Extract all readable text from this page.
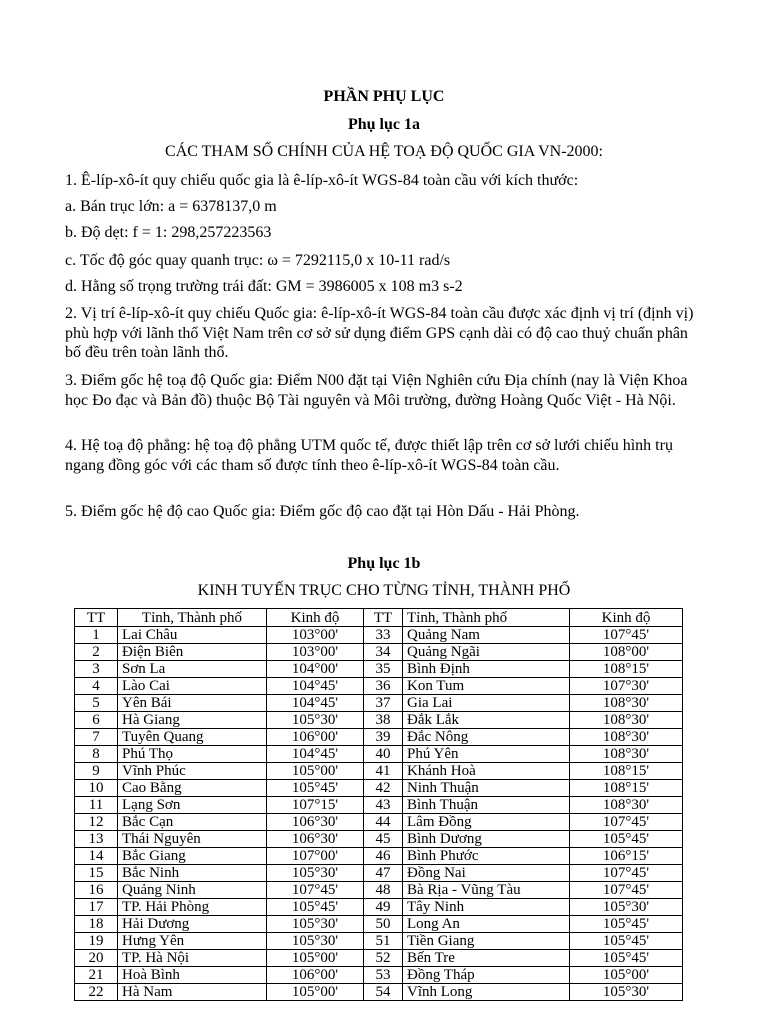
PHẦN PHỤ LỤC
Phụ lục 1a
CÁC THAM SỐ CHÍNH CỦA HỆ TOẠ ĐỘ QUỐC GIA VN-2000:

1. Ê-líp-xô-ít quy chiếu quốc gia là ê-líp-xô-ít WGS-84 toàn cầu với kích thước:

a. Bán trục lớn: a = 6378137,0 m

b. Độ dẹt: f = 1: 298,257223563

c. Tốc độ góc quay quanh trục: ω = 7292115,0 x 10-11 rad/s

d. Hằng số trọng trường trái đất: GM = 3986005 x 108 m3 s-2

2. Vị trí ê-líp-xô-ít quy chiếu Quốc gia: ê-líp-xô-ít WGS-84 toàn cầu được xác định vị trí (định vị) phù hợp với lãnh thổ Việt Nam trên cơ sở sử dụng điểm GPS cạnh dài có độ cao thuỷ chuẩn phân bố đều trên toàn lãnh thổ.

3. Điểm gốc hệ toạ độ Quốc gia: Điểm N00 đặt tại Viện Nghiên cứu Địa chính (nay là Viện Khoa học Đo đạc và Bản đồ) thuộc Bộ Tài nguyên và Môi trường, đường Hoàng Quốc Việt - Hà Nội.

4. Hệ toạ độ phẳng: hệ toạ độ phẳng UTM quốc tế, được thiết lập trên cơ sở lưới chiếu hình trụ ngang đồng góc với các tham số được tính theo ê-líp-xô-ít WGS-84 toàn cầu.

5. Điểm gốc hệ độ cao Quốc gia: Điểm gốc độ cao đặt tại Hòn Dấu - Hải Phòng.

Phụ lục 1b
KINH TUYẾN TRỤC CHO TỪNG TỈNH, THÀNH PHỐ
TT	Tỉnh, Thành phố	Kinh độ	TT	Tỉnh, Thành phố	Kinh độ
1	Lai Châu	103°00'	33	Quảng Nam	107°45'
2	Điện Biên	103°00'	34	Quảng Ngãi	108°00'
3	Sơn La	104°00'	35	Bình Định	108°15'
4	Lào Cai	104°45'	36	Kon Tum	107°30'
5	Yên Bái	104°45'	37	Gia Lai	108°30'
6	Hà Giang	105°30'	38	Đắk Lắk	108°30'
7	Tuyên Quang	106°00'	39	Đắc Nông	108°30'
8	Phú Thọ	104°45'	40	Phú Yên	108°30'
9	Vĩnh Phúc	105°00'	41	Khánh Hoà	108°15'
10	Cao Bằng	105°45'	42	Ninh Thuận	108°15'
11	Lạng Sơn	107°15'	43	Bình Thuận	108°30'
12	Bắc Cạn	106°30'	44	Lâm Đồng	107°45'
13	Thái Nguyên	106°30'	45	Bình Dương	105°45'
14	Bắc Giang	107°00'	46	Bình Phước	106°15'
15	Bắc Ninh	105°30'	47	Đồng Nai	107°45'
16	Quảng Ninh	107°45'	48	Bà Rịa - Vũng Tàu	107°45'
17	TP. Hải Phòng	105°45'	49	Tây Ninh	105°30'
18	Hải Dương	105°30'	50	Long An	105°45'
19	Hưng Yên	105°30'	51	Tiền Giang	105°45'
20	TP. Hà Nội	105°00'	52	Bến Tre	105°45'
21	Hoà Bình	106°00'	53	Đồng Tháp	105°00'
22	Hà Nam	105°00'	54	Vĩnh Long	105°30'
